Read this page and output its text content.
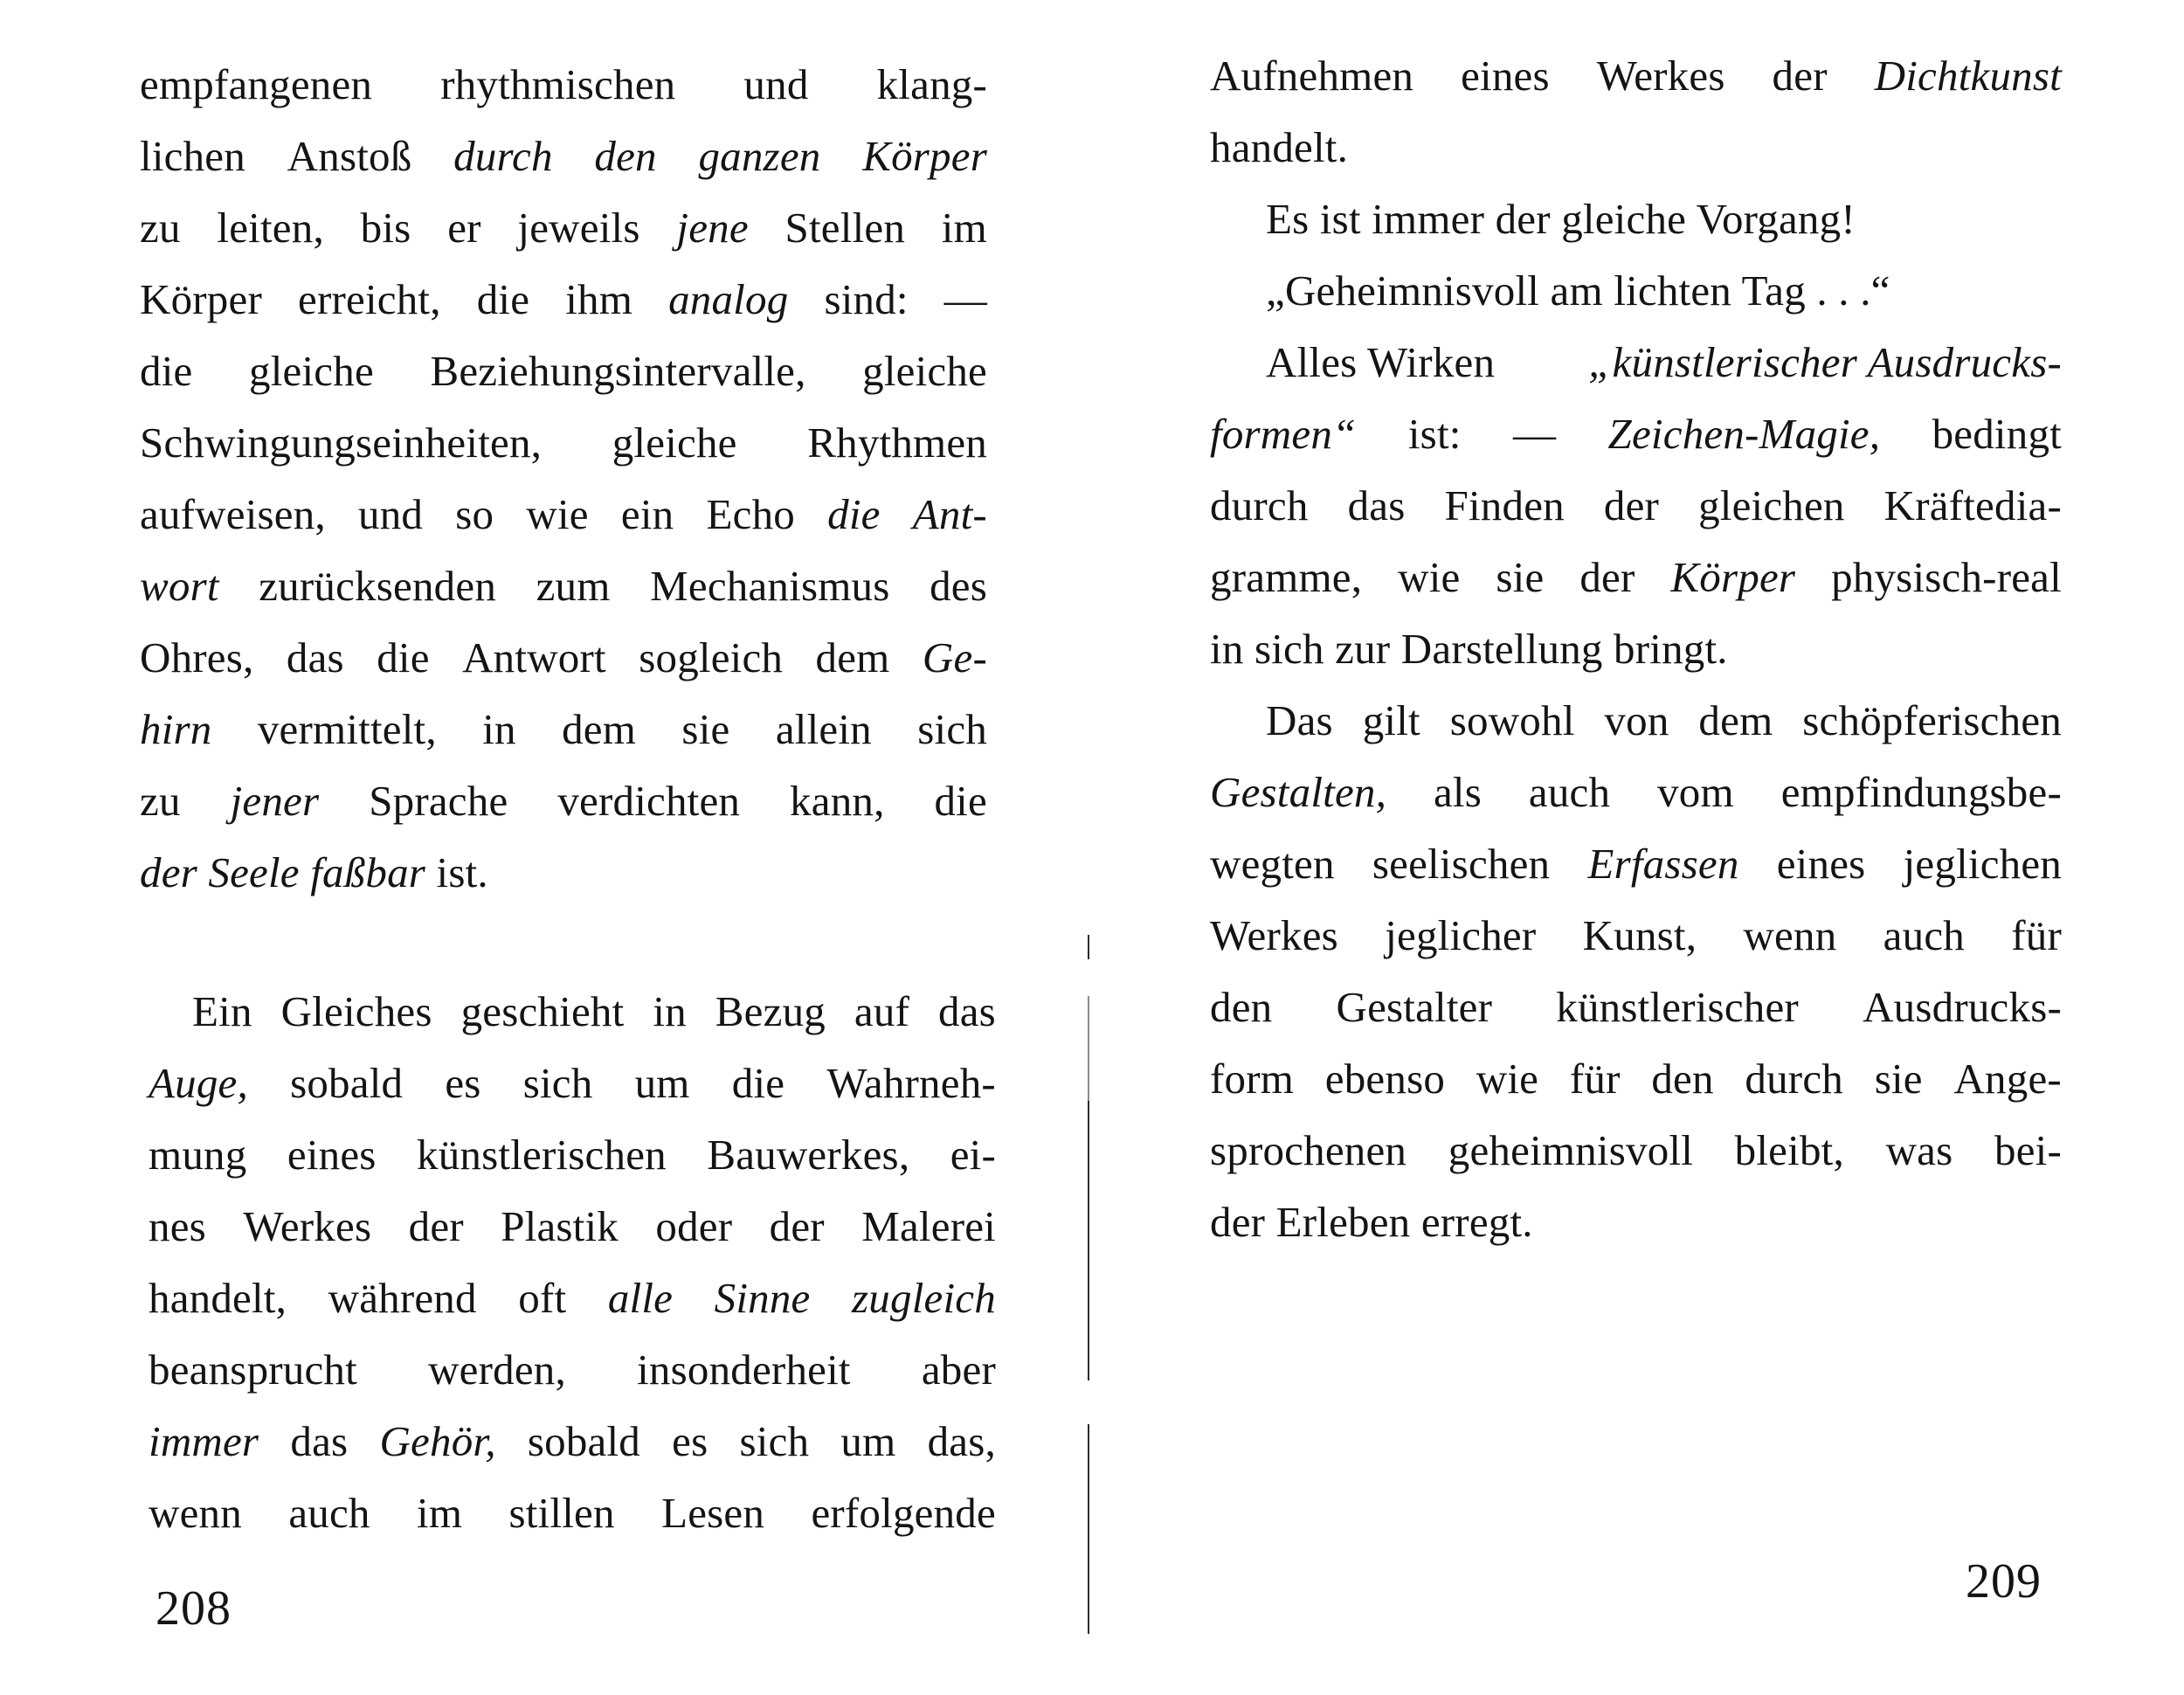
empfangenen rhythmischen und klang-
lichen Anstoß durch den ganzen Körper
zu leiten, bis er jeweils jene Stellen im
Körper erreicht, die ihm analog sind: —
die gleiche Beziehungsintervalle, gleiche
Schwingungseinheiten, gleiche Rhythmen
aufweisen, und so wie ein Echo die Ant-
wort zurücksenden zum Mechanismus des
Ohres, das die Antwort sogleich dem Ge-
hirn vermittelt, in dem sie allein sich
zu jener Sprache verdichten kann, die
der Seele faßbar ist.
Ein Gleiches geschieht in Bezug auf das
Auge, sobald es sich um die Wahrneh-
mung eines künstlerischen Bauwerkes, ei-
nes Werkes der Plastik oder der Malerei
handelt, während oft alle Sinne zugleich
beansprucht werden, insonderheit aber
immer das Gehör, sobald es sich um das,
wenn auch im stillen Lesen erfolgende
208
Aufnehmen eines Werkes der Dichtkunst
handelt.
Es ist immer der gleiche Vorgang!
„Geheimnisvoll am lichten Tag . . .“
Alles Wirken „künstlerischer Ausdrucks-
formen“ ist: — Zeichen-Magie, bedingt
durch das Finden der gleichen Kräftedia-
gramme, wie sie der Körper physisch-real
in sich zur Darstellung bringt.
Das gilt sowohl von dem schöpferischen
Gestalten, als auch vom empfindungsbe-
wegten seelischen Erfassen eines jeglichen
Werkes jeglicher Kunst, wenn auch für
den Gestalter künstlerischer Ausdrucks-
form ebenso wie für den durch sie Ange-
sprochenen geheimnisvoll bleibt, was bei-
der Erleben erregt.
209
